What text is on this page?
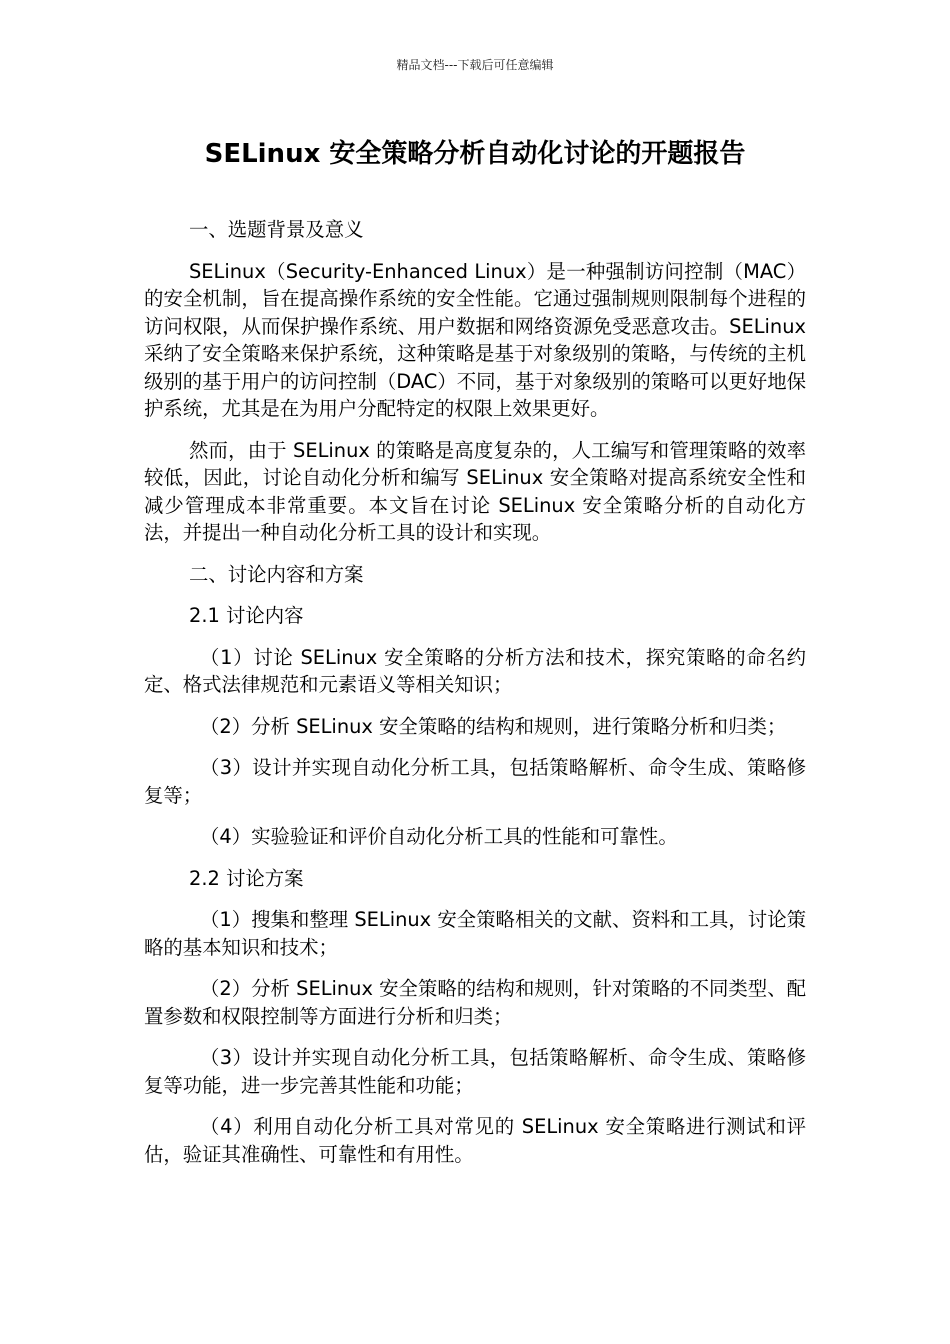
精品文档---下载后可任意编辑
SELinux 安全策略分析自动化讨论的开题报告

一、选题背景及意义

SELinux（Security-Enhanced Linux）是一种强制访问控制（MAC）的安全机制，旨在提高操作系统的安全性能。它通过强制规则限制每个进程的访问权限，从而保护操作系统、用户数据和网络资源免受恶意攻击。SELinux 采纳了安全策略来保护系统，这种策略是基于对象级别的策略，与传统的主机级别的基于用户的访问控制（DAC）不同，基于对象级别的策略可以更好地保护系统，尤其是在为用户分配特定的权限上效果更好。

然而，由于 SELinux 的策略是高度复杂的，人工编写和管理策略的效率较低，因此，讨论自动化分析和编写 SELinux 安全策略对提高系统安全性和减少管理成本非常重要。本文旨在讨论 SELinux 安全策略分析的自动化方法，并提出一种自动化分析工具的设计和实现。

二、讨论内容和方案

2.1 讨论内容

（1）讨论 SELinux 安全策略的分析方法和技术，探究策略的命名约定、格式法律规范和元素语义等相关知识；

（2）分析 SELinux 安全策略的结构和规则，进行策略分析和归类；

（3）设计并实现自动化分析工具，包括策略解析、命令生成、策略修复等；

（4）实验验证和评价自动化分析工具的性能和可靠性。

2.2 讨论方案

（1）搜集和整理 SELinux 安全策略相关的文献、资料和工具，讨论策略的基本知识和技术；

（2）分析 SELinux 安全策略的结构和规则，针对策略的不同类型、配置参数和权限控制等方面进行分析和归类；

（3）设计并实现自动化分析工具，包括策略解析、命令生成、策略修复等功能，进一步完善其性能和功能；

（4）利用自动化分析工具对常见的 SELinux 安全策略进行测试和评估，验证其准确性、可靠性和有用性。
